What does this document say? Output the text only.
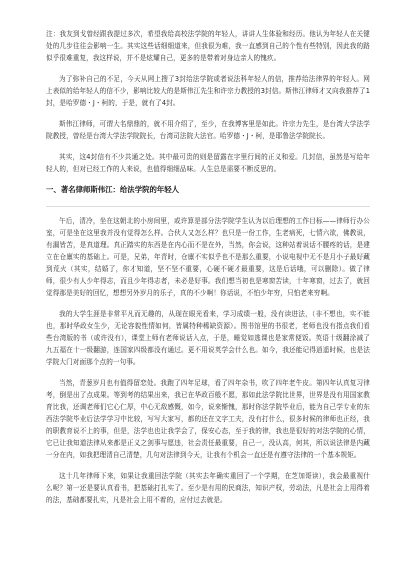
注：我友到戈曾经跟我提过多次，希望我给高校法学院的年轻人，讲讲人生体验和经历。他认为年轻人在关键处的几步往往会影响一生。其实这些话细细道来，但我很为难，我一直感到自己的个性有些特别，因此我的路似乎很难重复，我这样说，并不是炫耀自己，更多的是带着对身边亲人的愧疚。

为了弥补自己的不足，今天从网上搜了3封给法学院或者说法科年轻人的信，推荐给法律界的年轻人。网上表似的给年轻人的信不少，影响比较大的是斯伟江先生和许宗力教授的3封信。斯伟江律师才又向我推荐了1封，是哈罗德・J・柯的，于是，就有了4封。

斯伟江律师，可谓大名鼎鼎的，就不用介绍了，至少，在我博客里是如此。许宗力先生，是台湾大学法学院教授，曾经是台湾大学法学院院长，台湾司法院大法官。哈罗德・J・柯，是耶鲁法学院院长。

其实，这4封信有不少共通之处。其中最可贵的则是留露在字里行间的正义和爱。几封信，虽然是写给年轻人的，但对已经工作的人来说，也值得细细品味。人生总是需要不断反思的。

一、著名律师斯伟江：给法学院的年轻人

午后，清冷，坐在这朝北的小房间里，或许算是部分法学院学生认为以后理想的工作目标——律师行办公室，可是坐在这里我并没有觉得怎么样。合伙人又怎么样？也只是一份工作，生老病死，七情六欲，佛教说，有漏皆苦，是真道理。真正踏实的东西是在内心而不是在外，当然，你会说，这种站着说话不腰疼的话，是建立在仓廪实的基础上。可是，兄弟，年青时，仓廪不实似乎也不是那么重要，小说电视中无不是月小子最好藏到荒火（其实，结婚了，你才知道，坚不坚不重要，心硬不硬才最重要，这是后话哦，可以删除）。做了律师，很少有人少年得志，而且少年得志者，未必是好事。我们想当初也是寒窗苦读，十年寒窗，过去了，就回觉得那是美好的回忆，想想另外岁月的乐子，真的不少啊！你话说，不怕少年穷，只怕老来穷啊。

我的大学生涯是非常平凡而无趣的，从现在眼光看来，学习成绩一般，没有读进法，（非不想也，实不能也，那时华政女生少，无论容貌性情如何，皆属特种稀缺资源）。图书馆里的书很老，老师也没有指点我们看些台湾版的书（或许没有），课堂上师有老师说话入点，于是，睡觉如逃课也是家常便饭。英语十级翻涂减了九五福在十一级翻游，连国家四级都没有通过。更不用说英学会什么也。如今，我还能记得逍遥时候，也是法学院大门对面那个点的一句事。

当然，青葱岁月也有值得留恋处。我跑了四年足球，看了四年杂书，吹了四年老牛皮。第四年认真复习律考，倒是出了点成果。等到考的结果出来，我已在华政百般不愿，那如此法学院比世界，世界是没有用国家教育比我，还调老师们它心仁厚，中心无敌感慨，如今，说来惭愧，那时你法学院毕业后，能为自己学专业的东西法学院毕业后法学学习中比较，写写大家写，都的还在文字工夫，没有打什么，很多时候的律师也正经，我的职教育说不上的事，但是，法学也也让我学会了，保安心态，至于我的律，我也是很好的对法学院的心情，它已让我知道法律从来都是正义之剑事与愿违，社会责任最重要，自己一，没认高，何其，所以说法律是内藏一分在内，如我把理清自己清楚，几句对法律到今天，让我有个机会一直还是有遵守法律的一个基本规矩。

这十几年律师下来，如果让我重回法学院（其实去年确实重回了一个学期，在芝加哥读），我会最重视什么呢？第一还是要认真看书，把基础打扎实了。至少是有用的民商法，知识产权，劳动法，凡是社会上用得着的法，基础都要扎实，凡是社会上用不着的，应付过去就是。
